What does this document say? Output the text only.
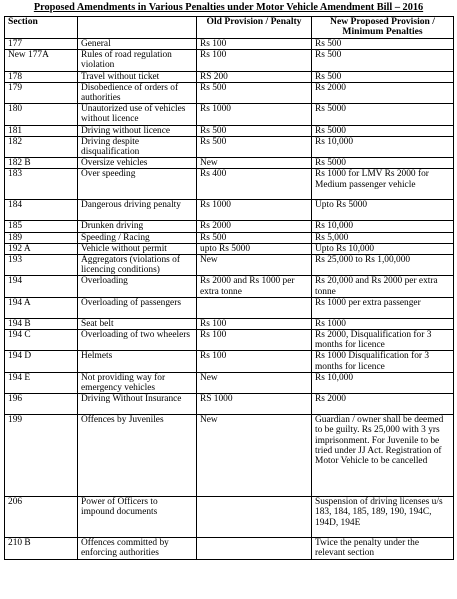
Proposed Amendments in Various Penalties under Motor Vehicle Amendment Bill – 2016
Section		Old Provision / Penalty	New Proposed Provision / Minimum Penalties
177	General	Rs 100	Rs 500
New 177A	Rules of road regulation violation	Rs 100	Rs 500
178	Travel without ticket	RS 200	Rs 500
179	Disobedience of orders of authorities	Rs 500	Rs 2000
180	Unautorized use of vehicles without licence	Rs 1000	Rs 5000
181	Driving without licence	Rs 500	Rs 5000
182	Driving despite disqualification	Rs 500	Rs 10,000
182 B	Oversize vehicles	New	Rs 5000
183	Over speeding	Rs 400	Rs 1000 for LMV Rs 2000 for Medium passenger vehicle
184	Dangerous driving penalty	Rs 1000	Upto Rs 5000
185	Drunken driving	Rs 2000	Rs 10,000
189	Speeding / Racing	Rs 500	Rs 5,000
192 A	Vehicle without permit	upto Rs 5000	Upto Rs 10,000
193	Aggregators (violations of licencing conditions)	New	Rs 25,000 to Rs 1,00,000
194	Overloading	Rs 2000 and Rs 1000 per extra tonne	Rs 20,000 and Rs 2000 per extra tonne
194 A	Overloading of passengers		Rs 1000 per extra passenger
194 B	Seat belt	Rs 100	Rs 1000
194 C	Overloading of two wheelers	Rs 100	Rs 2000, Disqualification for 3 months for licence
194 D	Helmets	Rs 100	Rs 1000 Disqualification for 3 months for licence
194 E	Not providing way for emergency vehicles	New	Rs 10,000
196	Driving Without Insurance	RS 1000	Rs 2000
199	Offences by Juveniles	New	Guardian / owner shall be deemed to be guilty. Rs 25,000 with 3 yrs imprisonment. For Juvenile to be tried under JJ Act. Registration of Motor Vehicle to be cancelled
206	Power of Officers to impound documents		Suspension of driving licenses u/s 183, 184, 185, 189, 190, 194C, 194D, 194E
210 B	Offences committed by enforcing authorities		Twice the penalty under the relevant section
